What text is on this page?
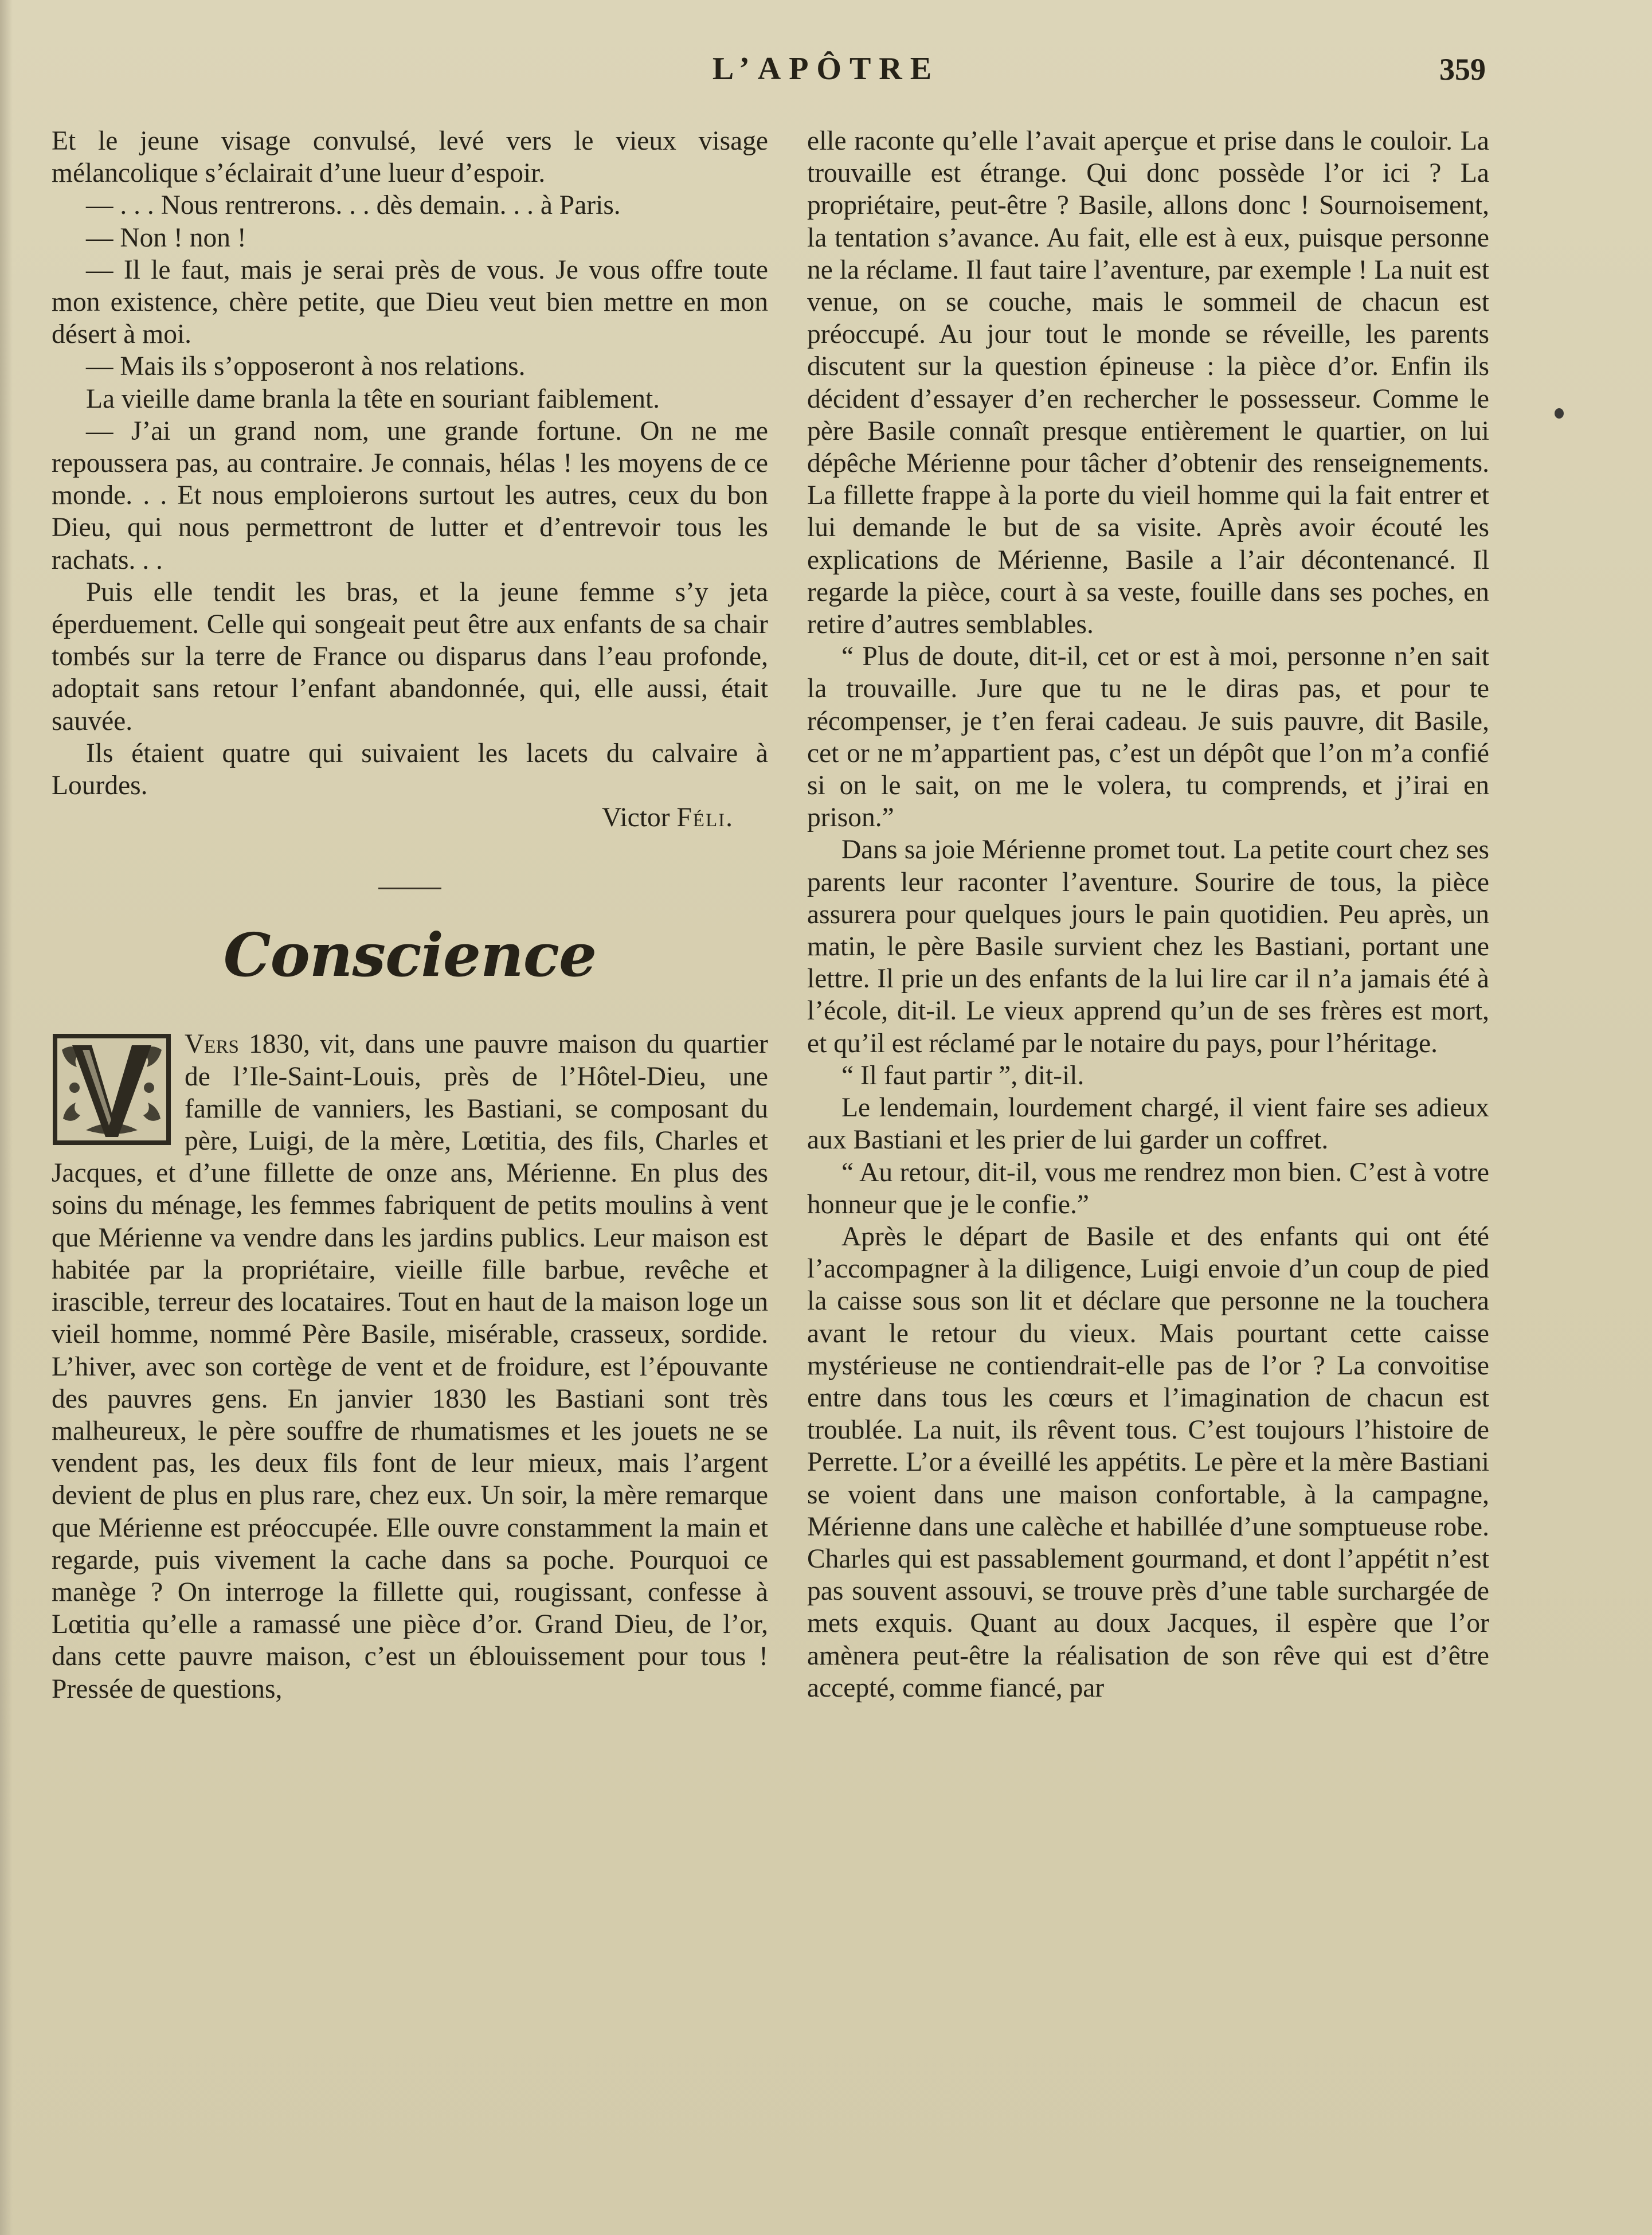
L’APÔTRE	359

Et le jeune visage convulsé, levé vers le vieux visage mélancolique s’éclairait d’une lueur d’espoir.

— . . . Nous rentrerons. . . dès demain. . . à Paris.

— Non ! non !

— Il le faut, mais je serai près de vous. Je vous offre toute mon existence, chère petite, que Dieu veut bien mettre en mon désert à moi.

— Mais ils s’opposeront à nos relations.

La vieille dame branla la tête en souriant faiblement.

— J’ai un grand nom, une grande fortune. On ne me repoussera pas, au contraire. Je connais, hélas ! les moyens de ce monde. . . Et nous emploierons surtout les autres, ceux du bon Dieu, qui nous permettront de lutter et d’entrevoir tous les rachats. . .

Puis elle tendit les bras, et la jeune femme s’y jeta éperduement. Celle qui songeait peut être aux enfants de sa chair tombés sur la terre de France ou disparus dans l’eau profonde, adoptait sans retour l’enfant abandonnée, qui, elle aussi, était sauvée.

Ils étaient quatre qui suivaient les lacets du calvaire à Lourdes.

Victor Féli.

Conscience

Vers 1830, vit, dans une pauvre maison du quartier de l’Ile-Saint-Louis, près de l’Hôtel-Dieu, une famille de vanniers, les Bastiani, se composant du père, Luigi, de la mère, Lœtitia, des fils, Charles et Jacques, et d’une fillette de onze ans, Mérienne. En plus des soins du ménage, les femmes fabriquent de petits moulins à vent que Mérienne va vendre dans les jardins publics. Leur maison est habitée par la propriétaire, vieille fille barbue, revêche et irascible, terreur des locataires. Tout en haut de la maison loge un vieil homme, nommé Père Basile, misérable, crasseux, sordide. L’hiver, avec son cortège de vent et de froidure, est l’épouvante des pauvres gens. En janvier 1830 les Bastiani sont très malheureux, le père souffre de rhumatismes et les jouets ne se vendent pas, les deux fils font de leur mieux, mais l’argent devient de plus en plus rare, chez eux. Un soir, la mère remarque que Mérienne est préoccupée. Elle ouvre constamment la main et regarde, puis vivement la cache dans sa poche. Pourquoi ce manège ? On interroge la fillette qui, rougissant, confesse à Lœtitia qu’elle a ramassé une pièce d’or. Grand Dieu, de l’or, dans cette pauvre maison, c’est un éblouissement pour tous ! Pressée de questions,

elle raconte qu’elle l’avait aperçue et prise dans le couloir. La trouvaille est étrange. Qui donc possède l’or ici ? La propriétaire, peut-être ? Basile, allons donc ! Sournoisement, la tentation s’avance. Au fait, elle est à eux, puisque personne ne la réclame. Il faut taire l’aventure, par exemple ! La nuit est venue, on se couche, mais le sommeil de chacun est préoccupé. Au jour tout le monde se réveille, les parents discutent sur la question épineuse : la pièce d’or. Enfin ils décident d’essayer d’en rechercher le possesseur. Comme le père Basile connaît presque entièrement le quartier, on lui dépêche Mérienne pour tâcher d’obtenir des renseignements. La fillette frappe à la porte du vieil homme qui la fait entrer et lui demande le but de sa visite. Après avoir écouté les explications de Mérienne, Basile a l’air décontenancé. Il regarde la pièce, court à sa veste, fouille dans ses poches, en retire d’autres semblables.

“ Plus de doute, dit-il, cet or est à moi, personne n’en sait la trouvaille. Jure que tu ne le diras pas, et pour te récompenser, je t’en ferai cadeau. Je suis pauvre, dit Basile, cet or ne m’appartient pas, c’est un dépôt que l’on m’a confié si on le sait, on me le volera, tu comprends, et j’irai en prison.”

Dans sa joie Mérienne promet tout. La petite court chez ses parents leur raconter l’aventure. Sourire de tous, la pièce assurera pour quelques jours le pain quotidien. Peu après, un matin, le père Basile survient chez les Bastiani, portant une lettre. Il prie un des enfants de la lui lire car il n’a jamais été à l’école, dit-il. Le vieux apprend qu’un de ses frères est mort, et qu’il est réclamé par le notaire du pays, pour l’héritage.

“ Il faut partir ”, dit-il.

Le lendemain, lourdement chargé, il vient faire ses adieux aux Bastiani et les prier de lui garder un coffret.

“ Au retour, dit-il, vous me rendrez mon bien. C’est à votre honneur que je le confie.”

Après le départ de Basile et des enfants qui ont été l’accompagner à la diligence, Luigi envoie d’un coup de pied la caisse sous son lit et déclare que personne ne la touchera avant le retour du vieux. Mais pourtant cette caisse mystérieuse ne contiendrait-elle pas de l’or ? La convoitise entre dans tous les cœurs et l’imagination de chacun est troublée. La nuit, ils rêvent tous. C’est toujours l’histoire de Perrette. L’or a éveillé les appétits. Le père et la mère Bastiani se voient dans une maison confortable, à la campagne, Mérienne dans une calèche et habillée d’une somptueuse robe. Charles qui est passablement gourmand, et dont l’appétit n’est pas souvent assouvi, se trouve près d’une table surchargée de mets exquis. Quant au doux Jacques, il espère que l’or amènera peut-être la réalisation de son rêve qui est d’être accepté, comme fiancé, par
